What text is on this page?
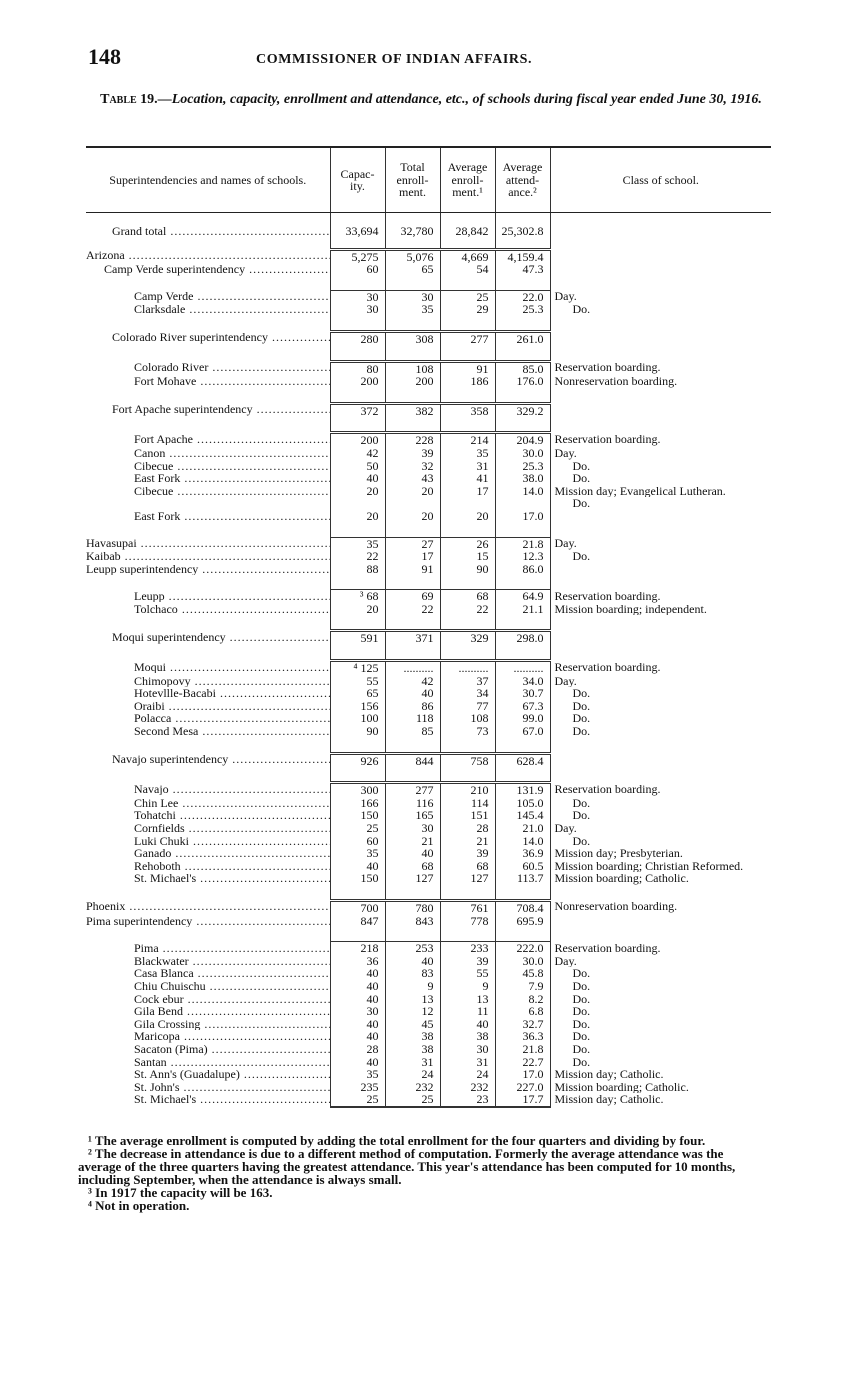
148	COMMISSIONER OF INDIAN AFFAIRS.
Table 19.—Location, capacity, enrollment and attendance, etc., of schools during fiscal year ended June 30, 1916.
Superintendencies and names of schools.	Capac-ity.	Total enroll-ment.	Average enroll-ment.¹	Average attend-ance.²	Class of school.

Grand total .....	33,694	32,780	28,842	25,302.8	

Arizona .....	5,275	5,076	4,669	4,159.4	

Camp Verde superintendency .....	60	65	54	47.3	

Camp Verde .....	30	30	25	22.0	Day.

Clarksdale .....	30	35	29	25.3	Do.

Colorado River superintendency .....	280	308	277	261.0	

Colorado River .....	80	108	91	85.0	Reservation boarding.

Fort Mohave .....	200	200	186	176.0	Nonreservation boarding.

Fort Apache superintendency .....	372	382	358	329.2	

Fort Apache .....	200	228	214	204.9	Reservation boarding.

Canon .....	42	39	35	30.0	Day.

Cibecue .....	50	32	31	25.3	Do.

East Fork .....	40	43	41	38.0	Do.

Cibecue .....	20	20	17	14.0	Mission day; Evangelical Lutheran.
					Do.

East Fork .....	20	20	20	17.0	

Havasupai .....	35	27	26	21.8	Day.

Kaibab .....	22	17	15	12.3	Do.

Leupp superintendency .....	88	91	90	86.0	

Leupp .....	³ 68	69	68	64.9	Reservation boarding.

Tolchaco .....	20	22	22	21.1	Mission boarding; independent.

Moqui superintendency .....	591	371	329	298.0	

Moqui .....	⁴ 125	..........	..........	..........	Reservation boarding.

Chimopovy .....	55	42	37	34.0	Day.

Hotevllle-Bacabi .....	65	40	34	30.7	Do.

Oraibi .....	156	86	77	67.3	Do.

Polacca .....	100	118	108	99.0	Do.

Second Mesa .....	90	85	73	67.0	Do.

Navajo superintendency .....	926	844	758	628.4	

Navajo .....	300	277	210	131.9	Reservation boarding.

Chin Lee .....	166	116	114	105.0	Do.

Tohatchi .....	150	165	151	145.4	Do.

Cornfields .....	25	30	28	21.0	Day.

Luki Chuki .....	60	21	21	14.0	Do.

Ganado .....	35	40	39	36.9	Mission day; Presbyterian.

Rehoboth .....	40	68	68	60.5	Mission boarding; Christian Reformed.

St. Michael's .....	150	127	127	113.7	Mission boarding; Catholic.

Phoenix .....	700	780	761	708.4	Nonreservation boarding.

Pima superintendency .....	847	843	778	695.9	

Pima .....	218	253	233	222.0	Reservation boarding.

Blackwater .....	36	40	39	30.0	Day.

Casa Blanca .....	40	83	55	45.8	Do.

Chiu Chuischu .....	40	9	9	7.9	Do.

Cock ebur .....	40	13	13	8.2	Do.

Gila Bend .....	30	12	11	6.8	Do.

Gila Crossing .....	40	45	40	32.7	Do.

Maricopa .....	40	38	38	36.3	Do.

Sacaton (Pima) .....	28	38	30	21.8	Do.

Santan .....	40	31	31	22.7	Do.

St. Ann's (Guadalupe) .....	35	24	24	17.0	Mission day; Catholic.

St. John's .....	235	232	232	227.0	Mission boarding; Catholic.

St. Michael's .....	25	25	23	17.7	Mission day; Catholic.

¹ The average enrollment is computed by adding the total enrollment for the four quarters and dividing by four.

² The decrease in attendance is due to a different method of computation. Formerly the average attendance was the average of the three quarters having the greatest attendance. This year's attendance has been computed for 10 months, including September, when the attendance is always small.

³ In 1917 the capacity will be 163.

⁴ Not in operation.
